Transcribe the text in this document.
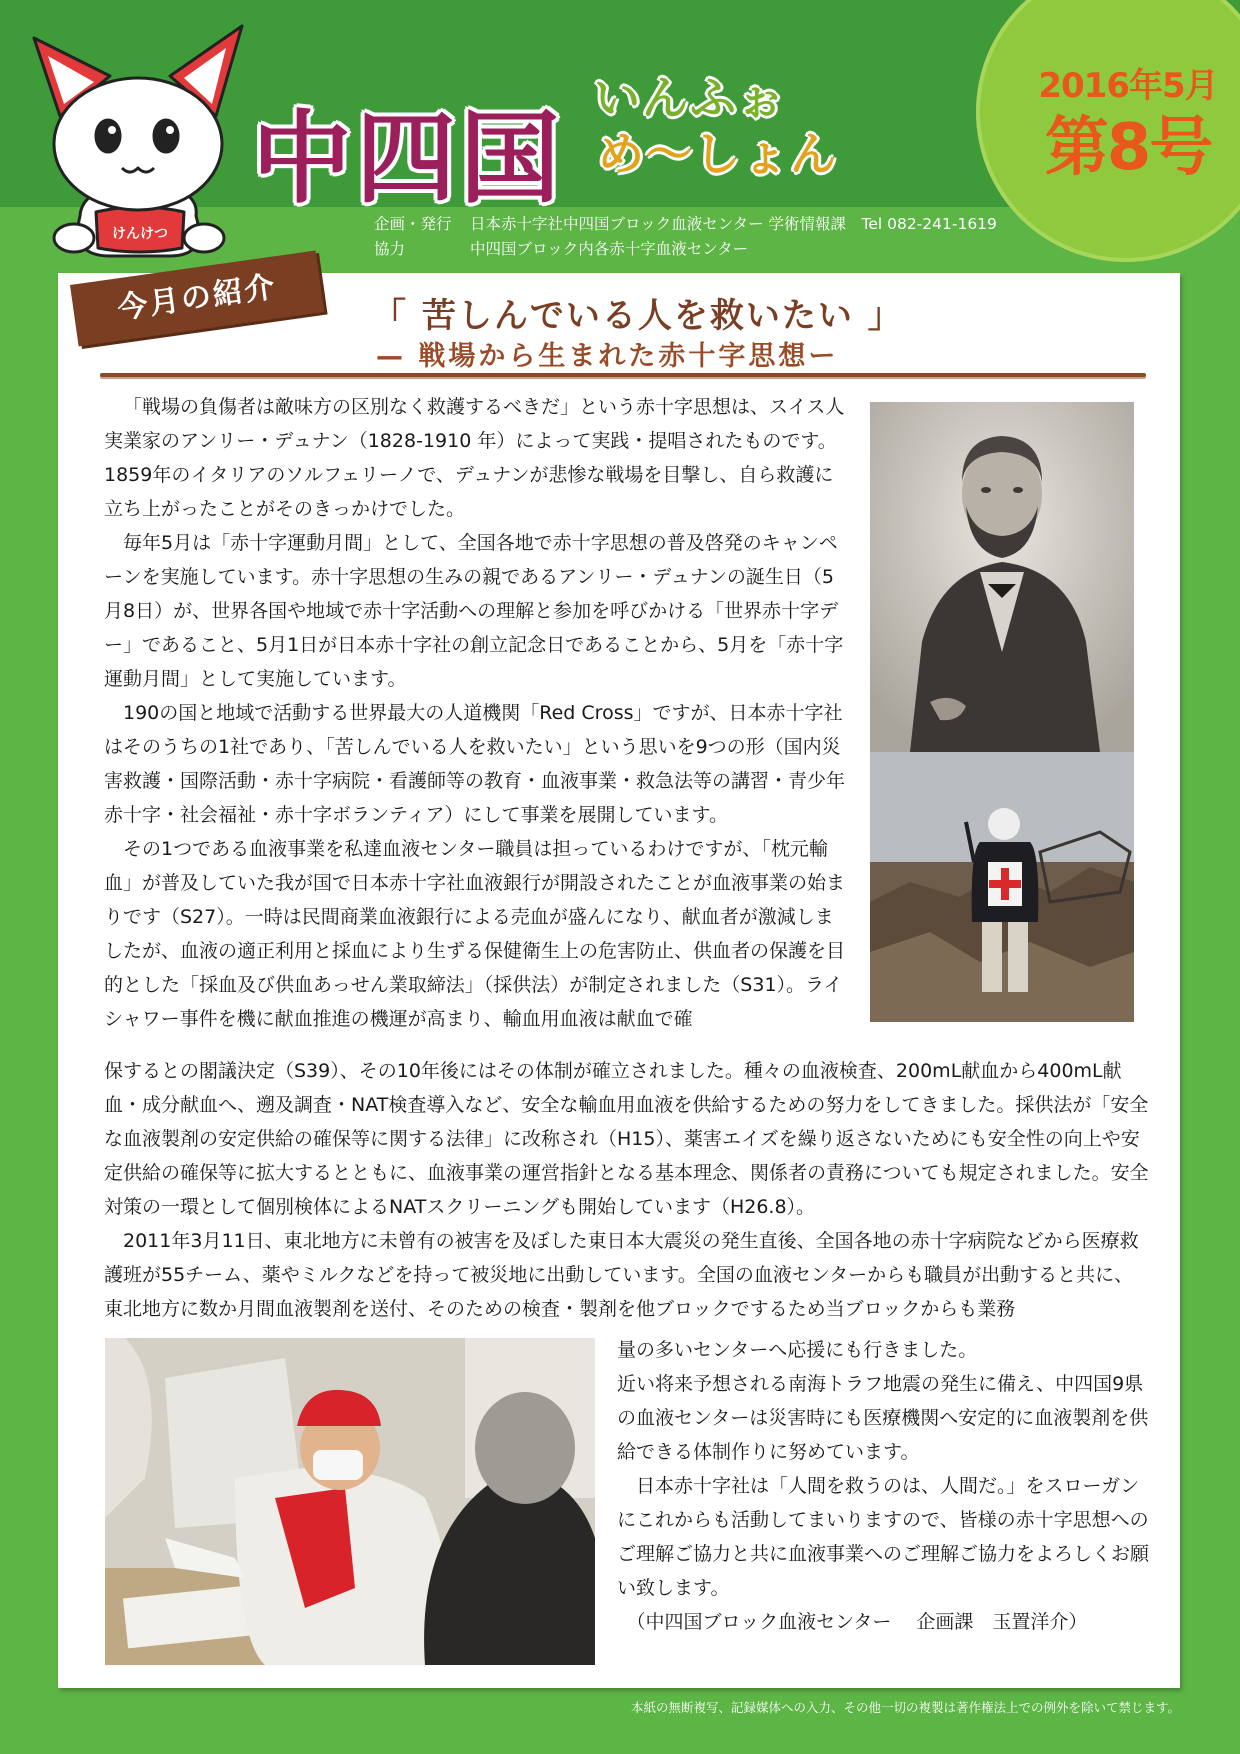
2016年5月
第8号
けんけつ
中四国
いんふぉ
め〜しょん
企画・発行 日本赤十字社中四国ブロック血液センター 学術情報課　Tel 082-241-1619
協力	中四国ブロック内各赤十字血液センター
今月の紹介	「 苦しんでいる人を救いたい 」
— 戦場から生まれた赤十字思想ー

「戦場の負傷者は敵味方の区別なく救護するべきだ」という赤十字思想は、スイス人実業家のアンリー・デュナン（1828-1910 年）によって実践・提唱されたものです。1859年のイタリアのソルフェリーノで、デュナンが悲惨な戦場を目撃し、自ら救護に立ち上がったことがそのきっかけでした。

毎年5月は「赤十字運動月間」として、全国各地で赤十字思想の普及啓発のキャンペーンを実施しています。赤十字思想の生みの親であるアンリー・デュナンの誕生日（5月8日）が、世界各国や地域で赤十字活動への理解と参加を呼びかける「世界赤十字デー」であること、5月1日が日本赤十字社の創立記念日であることから、5月を「赤十字運動月間」として実施しています。

190の国と地域で活動する世界最大の人道機関「Red Cross」ですが、日本赤十字社はそのうちの1社であり、「苦しんでいる人を救いたい」という思いを9つの形（国内災害救護・国際活動・赤十字病院・看護師等の教育・血液事業・救急法等の講習・青少年赤十字・社会福祉・赤十字ボランティア）にして事業を展開しています。

その1つである血液事業を私達血液センター職員は担っているわけですが、「枕元輸血」が普及していた我が国で日本赤十字社血液銀行が開設されたことが血液事業の始まりです（S27）。一時は民間商業血液銀行による売血が盛んになり、献血者が激減しましたが、血液の適正利用と採血により生ずる保健衛生上の危害防止、供血者の保護を目的とした「採血及び供血あっせん業取締法」（採供法）が制定されました（S31）。ライシャワー事件を機に献血推進の機運が高まり、輸血用血液は献血で確

保するとの閣議決定（S39）、その10年後にはその体制が確立されました。種々の血液検査、200mL献血から400mL献血・成分献血へ、遡及調査・NAT検査導入など、安全な輸血用血液を供給するための努力をしてきました。採供法が「安全な血液製剤の安定供給の確保等に関する法律」に改称され（H15）、薬害エイズを繰り返さないためにも安全性の向上や安定供給の確保等に拡大するとともに、血液事業の運営指針となる基本理念、関係者の責務についても規定されました。安全対策の一環として個別検体によるNATスクリーニングも開始しています（H26.8）。

2011年3月11日、東北地方に未曾有の被害を及ぼした東日本大震災の発生直後、全国各地の赤十字病院などから医療救護班が55チーム、薬やミルクなどを持って被災地に出動しています。全国の血液センターからも職員が出動すると共に、東北地方に数か月間血液製剤を送付、そのための検査・製剤を他ブロックでするため当ブロックからも業務

量の多いセンターへ応援にも行きました。

近い将来予想される南海トラフ地震の発生に備え、中四国9県の血液センターは災害時にも医療機関へ安定的に血液製剤を供給できる体制作りに努めています。

日本赤十字社は「人間を救うのは、人間だ。」をスローガンにこれからも活動してまいりますので、皆様の赤十字思想へのご理解ご協力と共に血液事業へのご理解ご協力をよろしくお願い致します。

（中四国ブロック血液センター　 企画課　玉置洋介）

本紙の無断複写、記録媒体への入力、その他一切の複製は著作権法上での例外を除いて禁じます。
